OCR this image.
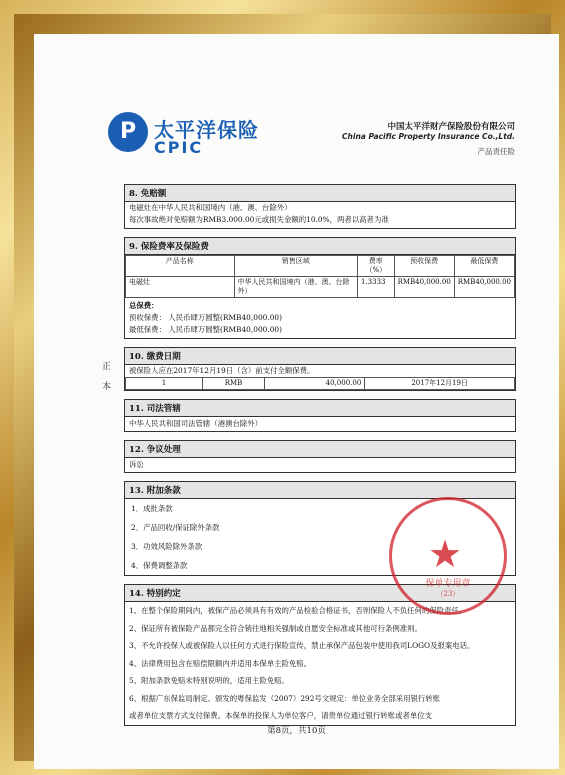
P 太平洋保险
CPIC
中国太平洋财产保险股份有限公司
China Pacific Property Insurance Co.,Ltd.
产品责任险
正
本
8. 免赔额
电磁灶在中华人民共和国境内（港、澳、台除外）
每次事故绝对免赔额为RMB3,000.00元或损失金额的10.0%，两者以高者为准
9. 保险费率及保险费
产品名称	销售区域	费率（%）	预收保费	最低保费
电磁灶	中华人民共和国境内（港、澳、台除外）	1.3333	RMB40,000.00	RMB40,000.00
总保费：
预收保费： 人民币肆万圆整(RMB40,000.00)
最低保费： 人民币肆万圆整(RMB40,000.00)
10. 缴费日期
被保险人应在2017年12月19日（含）前支付全额保费。
1	RMB	40,000.00	2017年12月19日
11. 司法管辖
中华人民共和国司法管辖（港澳台除外）
12. 争议处理
诉讼
13. 附加条款
1．成批条款
2．产品回收/保证除外条款
3．功效风险除外条款
4．保费调整条款
14. 特别约定
1、在整个保险期间内，被保产品必须具有有效的产品检验合格证书，否则保险人不负任何的保险责任。
2、保证所有被保险产品都完全符合销往地相关强制或自愿安全标准或其他可行条例准则。
3、不允许投保人或被保险人以任何方式进行保险宣传，禁止承保产品包装中使用我司LOGO及报案电话。
4、法律费用包含在赔偿限额内并适用本保单主险免赔。
5、附加条款免赔未特别说明的，适用主险免赔。
6、根据广东保监局制定、颁发的粤保监发（2007）292号文规定：单位业务全部采用银行转账
或者单位支票方式支付保费。本保单的投保人为单位客户，请贵单位通过银行转账或者单位支
★
保单专用章
（23）
第8页，共10页
